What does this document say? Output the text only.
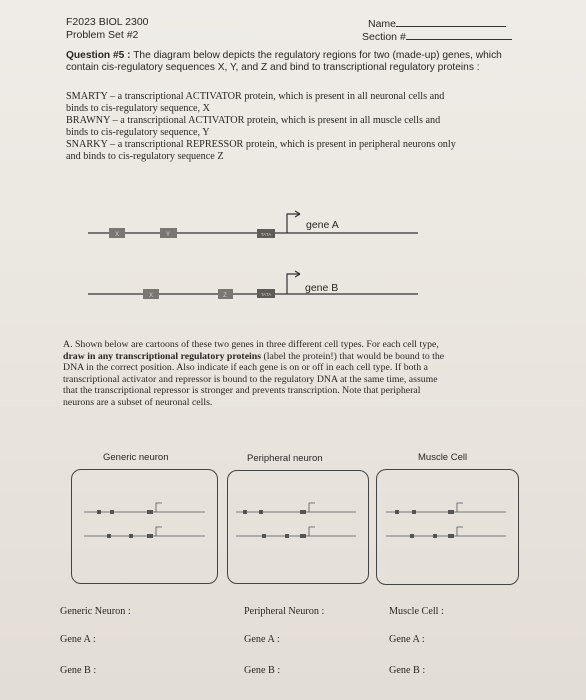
F2023 BIOL 2300
Problem Set #2
Name
Section #
Question #5 : The diagram below depicts the regulatory regions for two (made-up) genes, which
contain cis-regulatory sequences X, Y, and Z and bind to transcriptional regulatory proteins :
SMARTY – a transcriptional ACTIVATOR protein, which is present in all neuronal cells and
binds to cis-regulatory sequence, X
BRAWNY – a transcriptional ACTIVATOR protein, which is present in all muscle cells and
binds to cis-regulatory sequence, Y
SNARKY – a transcriptional REPRESSOR protein, which is present in peripheral neurons only
and binds to cis-regulatory sequence Z
X	Y	TATA
gene A
X	Z	TATA
gene B
A. Shown below are cartoons of these two genes in three different cell types. For each cell type,
draw in any transcriptional regulatory proteins (label the protein!) that would be bound to the
DNA in the correct position. Also indicate if each gene is on or off in each cell type. If both a
transcriptional activator and repressor is bound to the regulatory DNA at the same time, assume
that the transcriptional repressor is stronger and prevents transcription. Note that peripheral
neurons are a subset of neuronal cells.
Generic neuron	Peripheral neuron	Muscle Cell
Generic Neuron :	Peripheral Neuron :	Muscle Cell :
Gene A :	Gene A :	Gene A :
Gene B :	Gene B :	Gene B :
